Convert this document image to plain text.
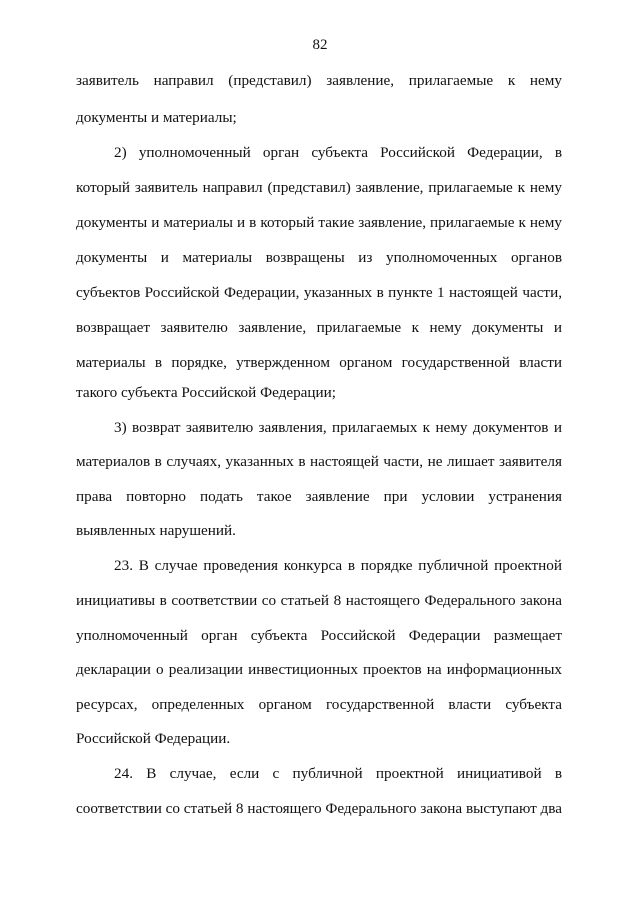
82
заявитель направил (представил) заявление, прилагаемые к нему
документы и материалы;
2) уполномоченный орган субъекта Российской Федерации, в
который заявитель направил (представил) заявление, прилагаемые к нему
документы и материалы и в который такие заявление, прилагаемые к нему
документы и материалы возвращены из уполномоченных органов
субъектов Российской Федерации, указанных в пункте 1 настоящей части,
возвращает заявителю заявление, прилагаемые к нему документы и
материалы в порядке, утвержденном органом государственной власти
такого субъекта Российской Федерации;
3) возврат заявителю заявления, прилагаемых к нему документов и
материалов в случаях, указанных в настоящей части, не лишает заявителя
права повторно подать такое заявление при условии устранения
выявленных нарушений.
23. В случае проведения конкурса в порядке публичной проектной
инициативы в соответствии со статьей 8 настоящего Федерального закона
уполномоченный орган субъекта Российской Федерации размещает
декларации о реализации инвестиционных проектов на информационных
ресурсах, определенных органом государственной власти субъекта
Российской Федерации.
24. В случае, если с публичной проектной инициативой в
соответствии со статьей 8 настоящего Федерального закона выступают два
